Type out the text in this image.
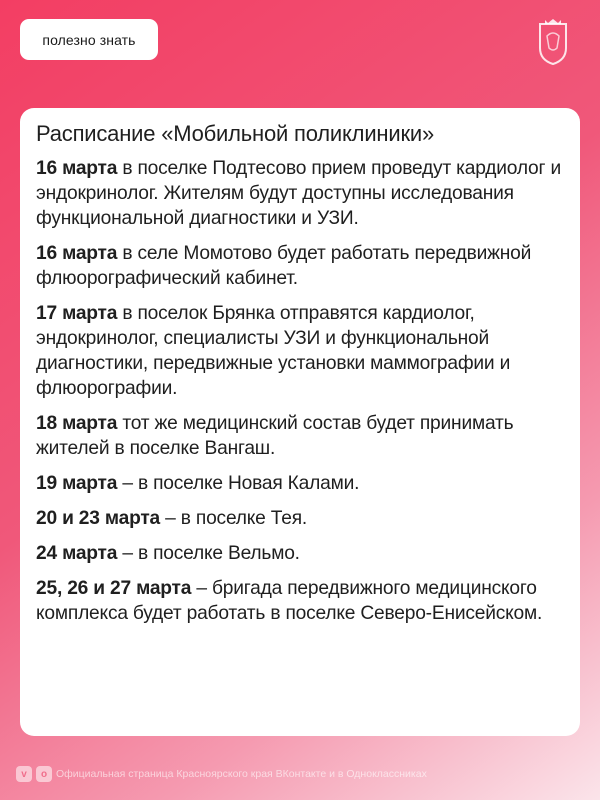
полезно знать
Расписание «Мобильной поликлиники»

16 марта в поселке Подтесово прием проведут кардиолог и эндокринолог. Жителям будут доступны исследования функциональной диагностики и УЗИ.

16 марта в селе Момотово будет работать передвижной флюорографический кабинет.

17 марта в поселок Брянка отправятся кардиолог, эндокринолог, специалисты УЗИ и функциональной диагностики, передвижные установки маммографии и флюорографии.

18 марта тот же медицинский состав будет принимать жителей в поселке Вангаш.

19 марта – в поселке Новая Калами.

20 и 23 марта – в поселке Тея.

24 марта – в поселке Вельмо.

25, 26 и 27 марта – бригада передвижного медицинского комплекса будет работать в поселке Северо-Енисейском.

v	o Официальная страница Красноярского края ВКонтакте и в Одноклассниках
